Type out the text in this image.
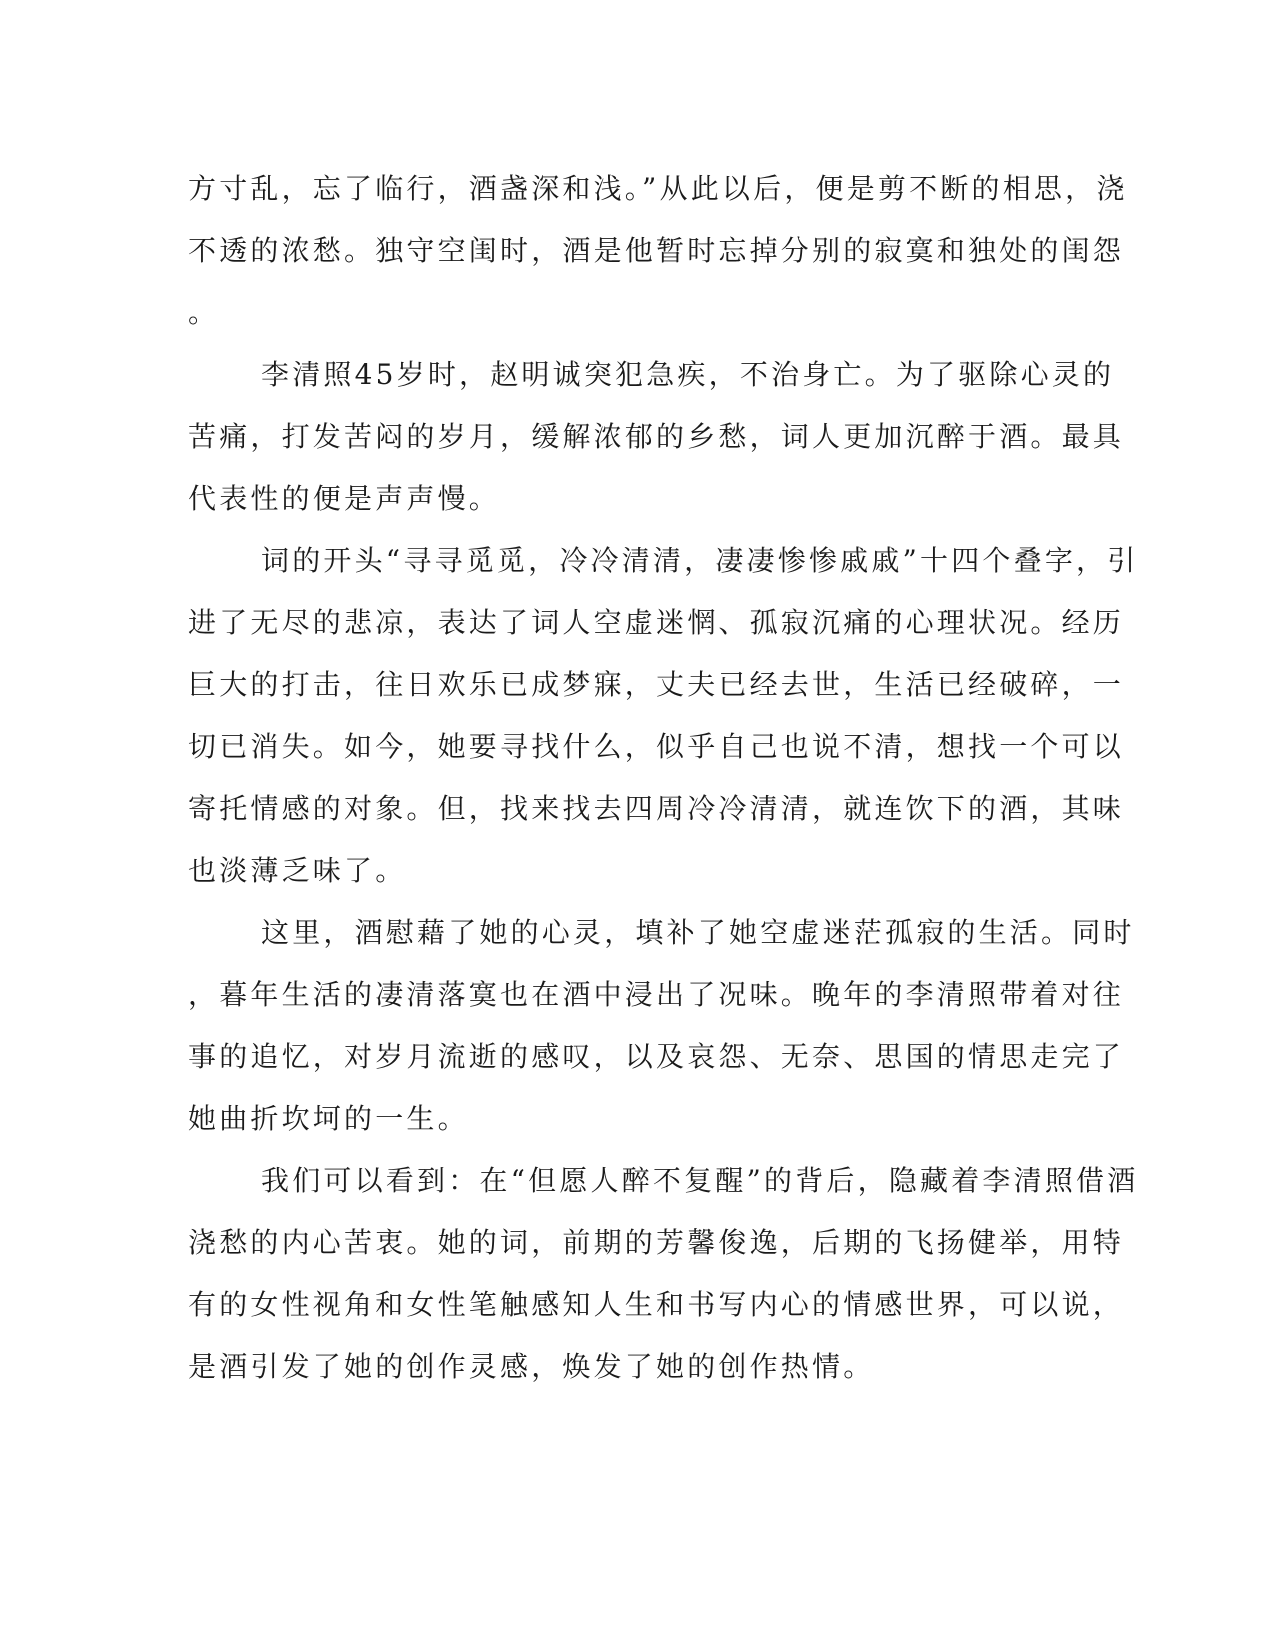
方寸乱，忘了临行，酒盏深和浅。”从此以后，便是剪不断的相思，浇
不透的浓愁。独守空闺时，酒是他暂时忘掉分别的寂寞和独处的闺怨
。
李清照45岁时，赵明诚突犯急疾，不治身亡。为了驱除心灵的
苦痛，打发苦闷的岁月，缓解浓郁的乡愁，词人更加沉醉于酒。最具
代表性的便是声声慢。
词的开头“寻寻觅觅，冷冷清清，凄凄惨惨戚戚”十四个叠字，引
进了无尽的悲凉，表达了词人空虚迷惘、孤寂沉痛的心理状况。经历
巨大的打击，往日欢乐已成梦寐，丈夫已经去世，生活已经破碎，一
切已消失。如今，她要寻找什么，似乎自己也说不清，想找一个可以
寄托情感的对象。但，找来找去四周冷冷清清，就连饮下的酒，其味
也淡薄乏味了。
这里，酒慰藉了她的心灵，填补了她空虚迷茫孤寂的生活。同时
，暮年生活的凄清落寞也在酒中浸出了况味。晚年的李清照带着对往
事的追忆，对岁月流逝的感叹，以及哀怨、无奈、思国的情思走完了
她曲折坎坷的一生。
我们可以看到：在“但愿人醉不复醒”的背后，隐藏着李清照借酒
浇愁的内心苦衷。她的词，前期的芳馨俊逸，后期的飞扬健举，用特
有的女性视角和女性笔触感知人生和书写内心的情感世界，可以说，
是酒引发了她的创作灵感，焕发了她的创作热情。
